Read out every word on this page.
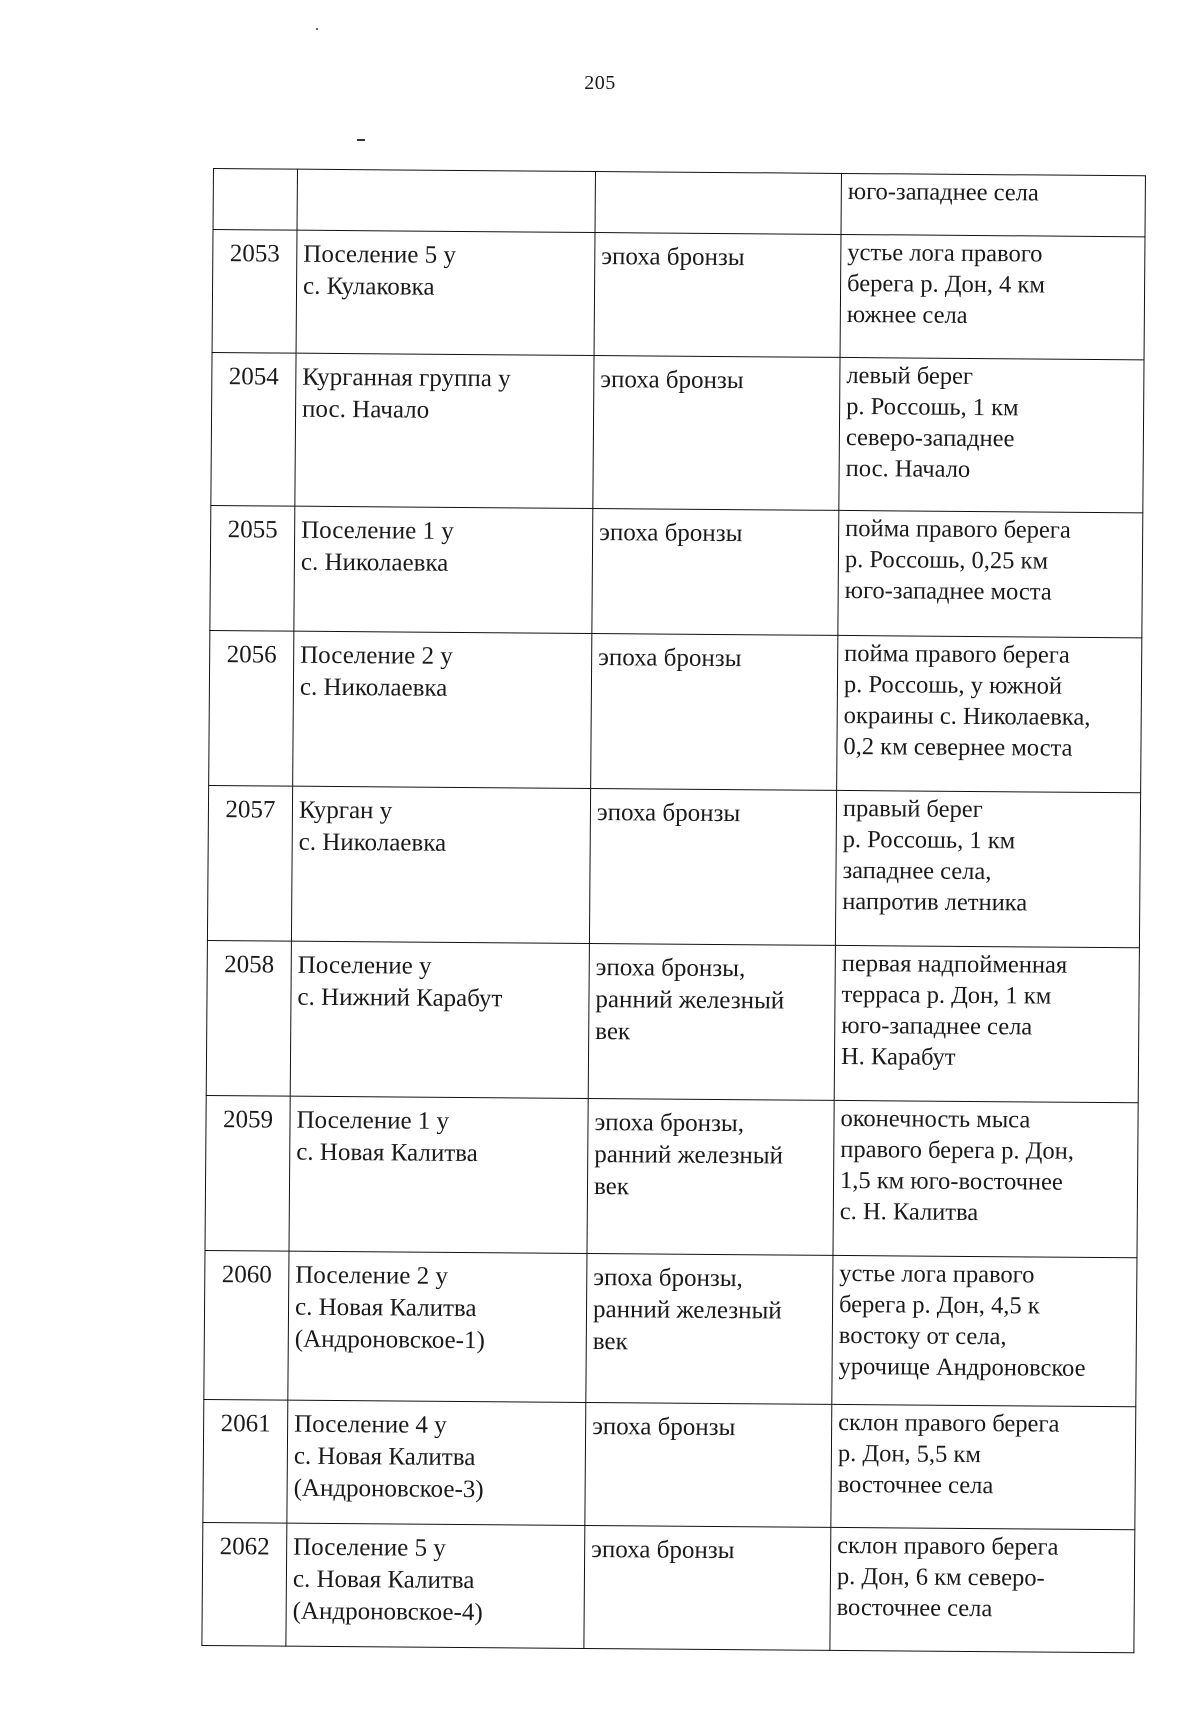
205

			юго-западнее села

2053	Поселение 5 у
с. Кулаковка	эпоха бронзы	устье лога правого
берега р. Дон, 4 км
южнее села

2054	Курганная группа у
пос. Начало	эпоха бронзы	левый берег
р. Россошь, 1 км
северо-западнее
пос. Начало

2055	Поселение 1 у
с. Николаевка	эпоха бронзы	пойма правого берега
р. Россошь, 0,25 км
юго-западнее моста

2056	Поселение 2 у
с. Николаевка	эпоха бронзы	пойма правого берега
р. Россошь, у южной
окраины с. Николаевка,
0,2 км севернее моста

2057	Курган у
с. Николаевка	эпоха бронзы	правый берег
р. Россошь, 1 км
западнее села,
напротив летника

2058	Поселение у
с. Нижний Карабут	эпоха бронзы,
ранний железный
век	первая надпойменная
терраса р. Дон, 1 км
юго-западнее села
Н. Карабут

2059	Поселение 1 у
с. Новая Калитва	эпоха бронзы,
ранний железный
век	оконечность мыса
правого берега р. Дон,
1,5 км юго-восточнее
с. Н. Калитва

2060	Поселение 2 у
с. Новая Калитва
(Андроновское-1)	эпоха бронзы,
ранний железный
век	устье лога правого
берега р. Дон, 4,5 к
востоку от села,
урочище Андроновское

2061	Поселение 4 у
с. Новая Калитва
(Андроновское-3)	эпоха бронзы	склон правого берега
р. Дон, 5,5 км
восточнее села

2062	Поселение 5 у
с. Новая Калитва
(Андроновское-4)	эпоха бронзы	склон правого берега
р. Дон, 6 км северо-
восточнее села
